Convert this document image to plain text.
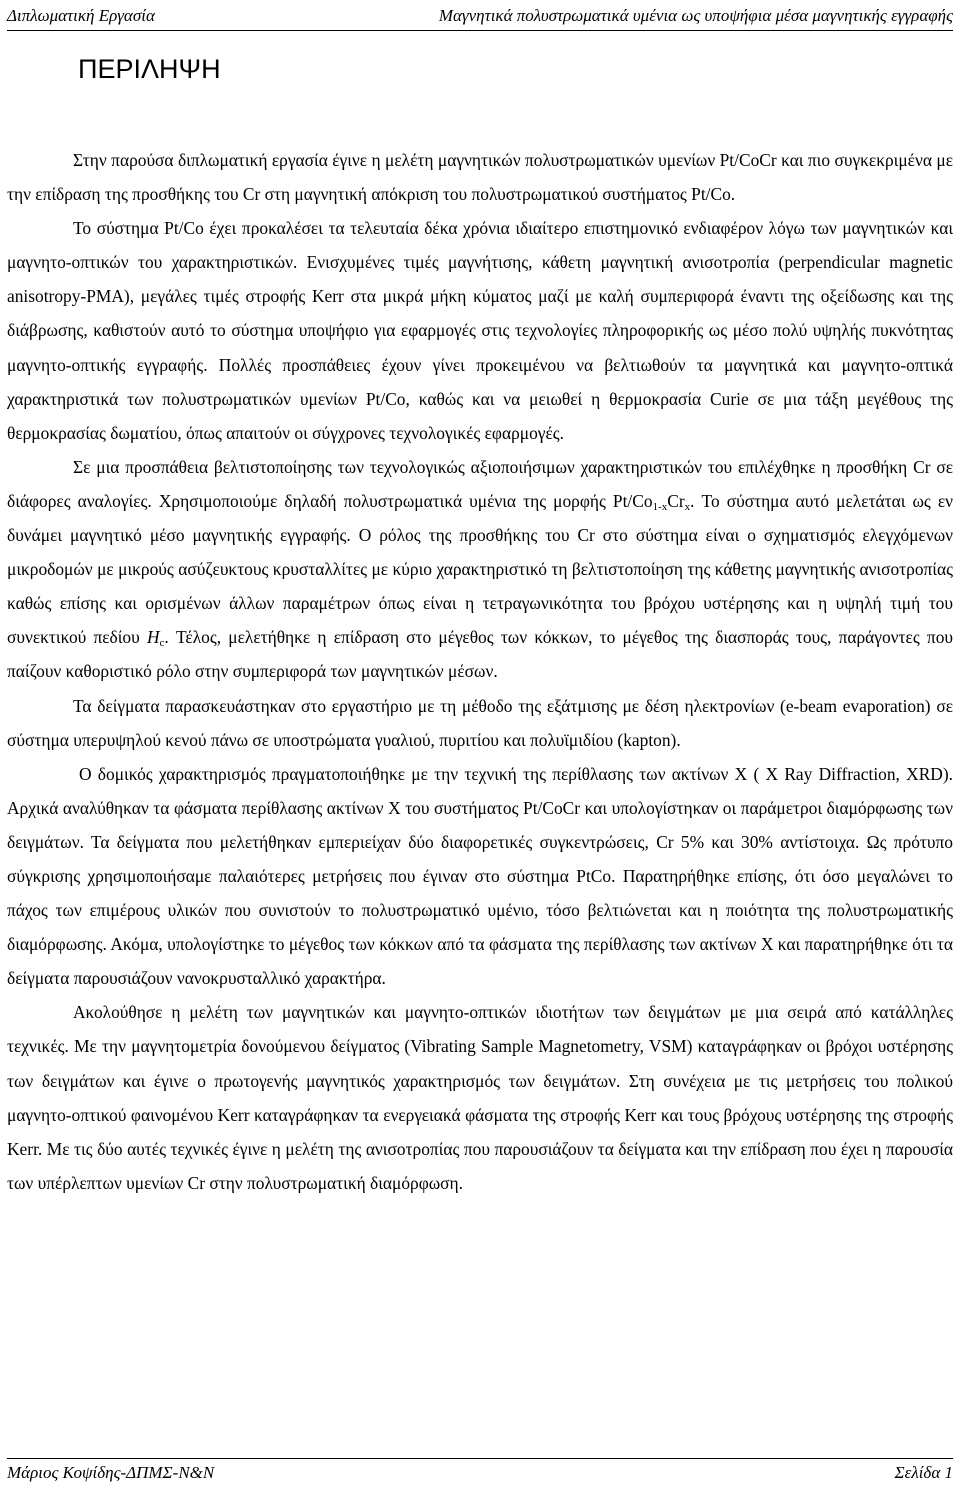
Διπλωματική Εργασία	Μαγνητικά πολυστρωματικά υμένια ως υποψήφια μέσα μαγνητικής εγγραφής
ΠΕΡΙΛΗΨΗ

Στην παρούσα διπλωματική εργασία έγινε η μελέτη μαγνητικών πολυστρωματικών υμενίων Pt/CoCr και πιο συγκεκριμένα με την επίδραση της προσθήκης του Cr στη μαγνητική απόκριση του πολυστρωματικού συστήματος Pt/Co.

Το σύστημα Pt/Co έχει προκαλέσει τα τελευταία δέκα χρόνια ιδιαίτερο επιστημονικό ενδιαφέρον λόγω των μαγνητικών και μαγνητο-οπτικών του χαρακτηριστικών. Ενισχυμένες τιμές μαγνήτισης, κάθετη μαγνητική ανισοτροπία (perpendicular magnetic anisotropy-PMA), μεγάλες τιμές στροφής Kerr στα μικρά μήκη κύματος μαζί με καλή συμπεριφορά έναντι της οξείδωσης και της διάβρωσης, καθιστούν αυτό το σύστημα υποψήφιο για εφαρμογές στις τεχνολογίες πληροφορικής ως μέσο πολύ υψηλής πυκνότητας μαγνητο-οπτικής εγγραφής. Πολλές προσπάθειες έχουν γίνει προκειμένου να βελτιωθούν τα μαγνητικά και μαγνητο-οπτικά χαρακτηριστικά των πολυστρωματικών υμενίων Pt/Co, καθώς και να μειωθεί η θερμοκρασία Curie σε μια τάξη μεγέθους της θερμοκρασίας δωματίου, όπως απαιτούν οι σύγχρονες τεχνολογικές εφαρμογές.

Σε μια προσπάθεια βελτιστοποίησης των τεχνολογικώς αξιοποιήσιμων χαρακτηριστικών του επιλέχθηκε η προσθήκη Cr σε διάφορες αναλογίες. Χρησιμοποιούμε δηλαδή πολυστρωματικά υμένια της μορφής $Pt/Co_{1-x}Cr_x$. Το σύστημα αυτό μελετάται ως εν δυνάμει μαγνητικό μέσο μαγνητικής εγγραφής. Ο ρόλος της προσθήκης του Cr στο σύστημα είναι ο σχηματισμός ελεγχόμενων μικροδομών με μικρούς ασύζευκτους κρυσταλλίτες με κύριο χαρακτηριστικό τη βελτιστοποίηση της κάθετης μαγνητικής ανισοτροπίας καθώς επίσης και ορισμένων άλλων παραμέτρων όπως είναι η τετραγωνικότητα του βρόχου υστέρησης και η υψηλή τιμή του συνεκτικού πεδίου $H_c$. Τέλος, μελετήθηκε η επίδραση στο μέγεθος των κόκκων, το μέγεθος της διασποράς τους, παράγοντες που παίζουν καθοριστικό ρόλο στην συμπεριφορά των μαγνητικών μέσων.

Τα δείγματα παρασκευάστηκαν στο εργαστήριο με τη μέθοδο της εξάτμισης με δέση ηλεκτρονίων (e-beam evaporation) σε σύστημα υπερυψηλού κενού πάνω σε υποστρώματα γυαλιού, πυριτίου και πολυϊμιδίου (kapton).

Ο δομικός χαρακτηρισμός πραγματοποιήθηκε με την τεχνική της περίθλασης των ακτίνων X ( X Ray Diffraction, XRD). Αρχικά αναλύθηκαν τα φάσματα περίθλασης ακτίνων X του συστήματος Pt/CoCr και υπολογίστηκαν οι παράμετροι διαμόρφωσης των δειγμάτων. Τα δείγματα που μελετήθηκαν εμπεριείχαν δύο διαφορετικές συγκεντρώσεις, Cr 5% και 30% αντίστοιχα. Ως πρότυπο σύγκρισης χρησιμοποιήσαμε παλαιότερες μετρήσεις που έγιναν στο σύστημα PtCo. Παρατηρήθηκε επίσης, ότι όσο μεγαλώνει το πάχος των επιμέρους υλικών που συνιστούν το πολυστρωματικό υμένιο, τόσο βελτιώνεται και η ποιότητα της πολυστρωματικής διαμόρφωσης. Ακόμα, υπολογίστηκε το μέγεθος των κόκκων από τα φάσματα της περίθλασης των ακτίνων X και παρατηρήθηκε ότι τα δείγματα παρουσιάζουν νανοκρυσταλλικό χαρακτήρα.

Ακολούθησε η μελέτη των μαγνητικών και μαγνητο-οπτικών ιδιοτήτων των δειγμάτων με μια σειρά από κατάλληλες τεχνικές. Με την μαγνητομετρία δονούμενου δείγματος (Vibrating Sample Magnetometry, VSM) καταγράφηκαν οι βρόχοι υστέρησης των δειγμάτων και έγινε ο πρωτογενής μαγνητικός χαρακτηρισμός των δειγμάτων. Στη συνέχεια με τις μετρήσεις του πολικού μαγνητο-οπτικού φαινομένου Kerr καταγράφηκαν τα ενεργειακά φάσματα της στροφής Kerr και τους βρόχους υστέρησης της στροφής Kerr. Με τις δύο αυτές τεχνικές έγινε η μελέτη της ανισοτροπίας που παρουσιάζουν τα δείγματα και την επίδραση που έχει η παρουσία των υπέρλεπτων υμενίων Cr στην πολυστρωματική διαμόρφωση.

Μάριος Κοψίδης-ΔΠΜΣ-Ν&Ν	Σελίδα 1
